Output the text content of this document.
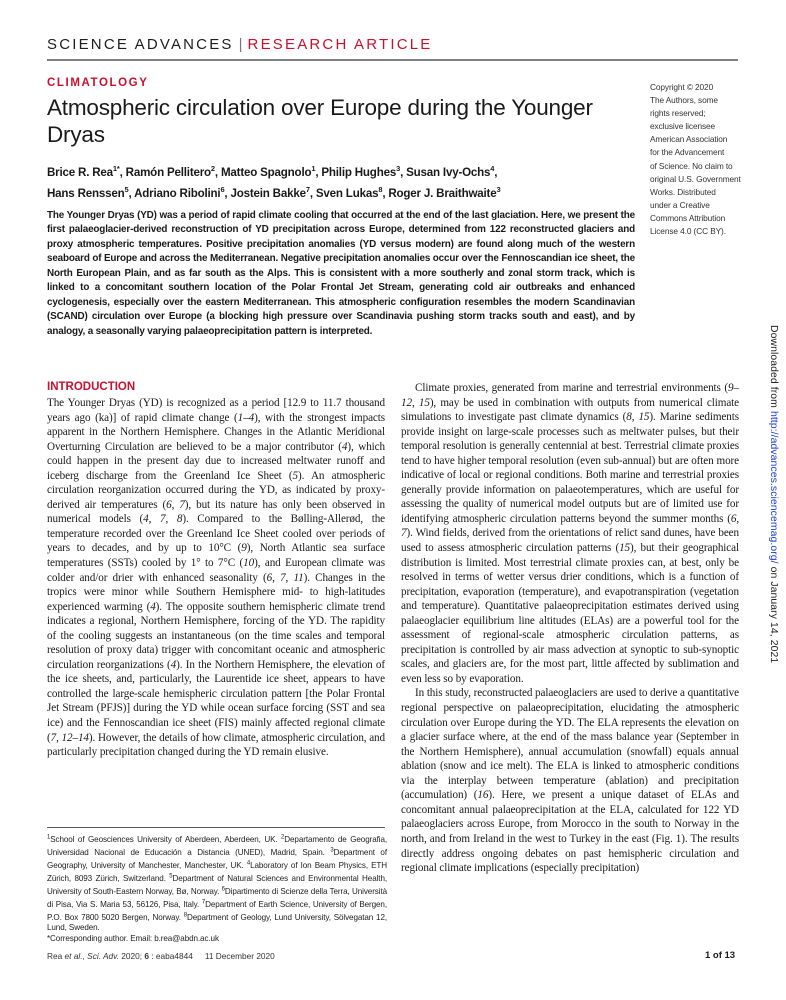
SCIENCE ADVANCES | RESEARCH ARTICLE
CLIMATOLOGY
Atmospheric circulation over Europe during the Younger Dryas
Brice R. Rea$^{1*}$, Ramón Pellitero$^2$, Matteo Spagnolo$^1$, Philip Hughes$^3$, Susan Ivy-Ochs$^4$,
Hans Renssen$^5$, Adriano Ribolini$^6$, Jostein Bakke$^7$, Sven Lukas$^8$, Roger J. Braithwaite$^3$
Copyright © 2020
The Authors, some
rights reserved;
exclusive licensee
American Association
for the Advancement
of Science. No claim to
original U.S. Government
Works. Distributed
under a Creative
Commons Attribution
License 4.0 (CC BY).
The Younger Dryas (YD) was a period of rapid climate cooling that occurred at the end of the last glaciation. Here, we present the first palaeoglacier-derived reconstruction of YD precipitation across Europe, determined from 122 reconstructed glaciers and proxy atmospheric temperatures. Positive precipitation anomalies (YD versus modern) are found along much of the western seaboard of Europe and across the Mediterranean. Negative precipitation anomalies occur over the Fennoscandian ice sheet, the North European Plain, and as far south as the Alps. This is consistent with a more southerly and zonal storm track, which is linked to a concomitant southern location of the Polar Frontal Jet Stream, generating cold air outbreaks and enhanced cyclogenesis, especially over the eastern Mediterranean. This atmospheric configuration resembles the modern Scandinavian (SCAND) circulation over Europe (a blocking high pressure over Scandinavia pushing storm tracks south and east), and by analogy, a seasonally varying palaeoprecipitation pattern is interpreted.
INTRODUCTION

The Younger Dryas (YD) is recognized as a period [12.9 to 11.7 thousand years ago (ka)] of rapid climate change (1–4), with the strongest impacts apparent in the Northern Hemisphere. Changes in the Atlantic Meridional Overturning Circulation are believed to be a major contributor (4), which could happen in the present day due to increased meltwater runoff and iceberg discharge from the Greenland Ice Sheet (5). An atmospheric circulation reorganization occurred during the YD, as indicated by proxy-derived air temperatures (6, 7), but its nature has only been observed in numerical models (4, 7, 8). Compared to the Bølling-Allerød, the temperature recorded over the Greenland Ice Sheet cooled over periods of years to decades, and by up to 10°C (9), North Atlantic sea surface temperatures (SSTs) cooled by 1° to 7°C (10), and European climate was colder and/or drier with enhanced seasonality (6, 7, 11). Changes in the tropics were minor while Southern Hemisphere mid- to high-latitudes experienced warming (4). The opposite southern hemispheric climate trend indicates a regional, Northern Hemisphere, forcing of the YD. The rapidity of the cooling suggests an instantaneous (on the time scales and temporal resolution of proxy data) trigger with concomitant oceanic and atmospheric circulation reorganizations (4). In the Northern Hemisphere, the elevation of the ice sheets, and, particularly, the Laurentide ice sheet, appears to have controlled the large-scale hemispheric circulation pattern [the Polar Frontal Jet Stream (PFJS)] during the YD while ocean surface forcing (SST and sea ice) and the Fennoscandian ice sheet (FIS) mainly affected regional climate (7, 12–14). However, the details of how climate, atmospheric circulation, and particularly precipitation changed during the YD remain elusive.

Climate proxies, generated from marine and terrestrial environments (9–12, 15), may be used in combination with outputs from numerical climate simulations to investigate past climate dynamics (8, 15). Marine sediments provide insight on large-scale processes such as meltwater pulses, but their temporal resolution is generally centennial at best. Terrestrial climate proxies tend to have higher temporal resolution (even sub-annual) but are often more indicative of local or regional conditions. Both marine and terrestrial proxies generally provide information on palaeotemperatures, which are useful for assessing the quality of numerical model outputs but are of limited use for identifying atmospheric circulation patterns beyond the summer months (6, 7). Wind fields, derived from the orientations of relict sand dunes, have been used to assess atmospheric circulation patterns (15), but their geographical distribution is limited. Most terrestrial climate proxies can, at best, only be resolved in terms of wetter versus drier conditions, which is a function of precipitation, evaporation (temperature), and evapotranspiration (vegetation and temperature). Quantitative palaeoprecipitation estimates derived using palaeoglacier equilibrium line altitudes (ELAs) are a powerful tool for the assessment of regional-scale atmospheric circulation patterns, as precipitation is controlled by air mass advection at synoptic to sub-synoptic scales, and glaciers are, for the most part, little affected by sublimation and even less so by evaporation.

In this study, reconstructed palaeoglaciers are used to derive a quantitative regional perspective on palaeoprecipitation, elucidating the atmospheric circulation over Europe during the YD. The ELA represents the elevation on a glacier surface where, at the end of the mass balance year (September in the Northern Hemisphere), annual accumulation (snowfall) equals annual ablation (snow and ice melt). The ELA is linked to atmospheric conditions via the interplay between temperature (ablation) and precipitation (accumulation) (16). Here, we present a unique dataset of ELAs and concomitant annual palaeoprecipitation at the ELA, calculated for 122 YD palaeoglaciers across Europe, from Morocco in the south to Norway in the north, and from Ireland in the west to Turkey in the east (Fig. 1). The results directly address ongoing debates on past hemispheric circulation and regional climate implications (especially precipitation)

$^1$School of Geosciences University of Aberdeen, Aberdeen, UK. $^2$Departamento de Geografia, Universidad Nacional de Educación a Distancia (UNED), Madrid, Spain. $^3$Department of Geography, University of Manchester, Manchester, UK. $^4$Laboratory of Ion Beam Physics, ETH Zürich, 8093 Zürich, Switzerland. $^5$Department of Natural Sciences and Environmental Health, University of South-Eastern Norway, Bø, Norway. $^6$Dipartimento di Scienze della Terra, Università di Pisa, Via S. Maria 53, 56126, Pisa, Italy. $^7$Department of Earth Science, University of Bergen, P.O. Box 7800 5020 Bergen, Norway. $^8$Department of Geology, Lund University, Sölvegatan 12, Lund, Sweden.
*Corresponding author. Email: b.rea@abdn.ac.uk
Rea et al., Sci. Adv. 2020; 6 : eaba4844 11 December 2020	1 of 13
Downloaded from http://advances.sciencemag.org/ on January 14, 2021
